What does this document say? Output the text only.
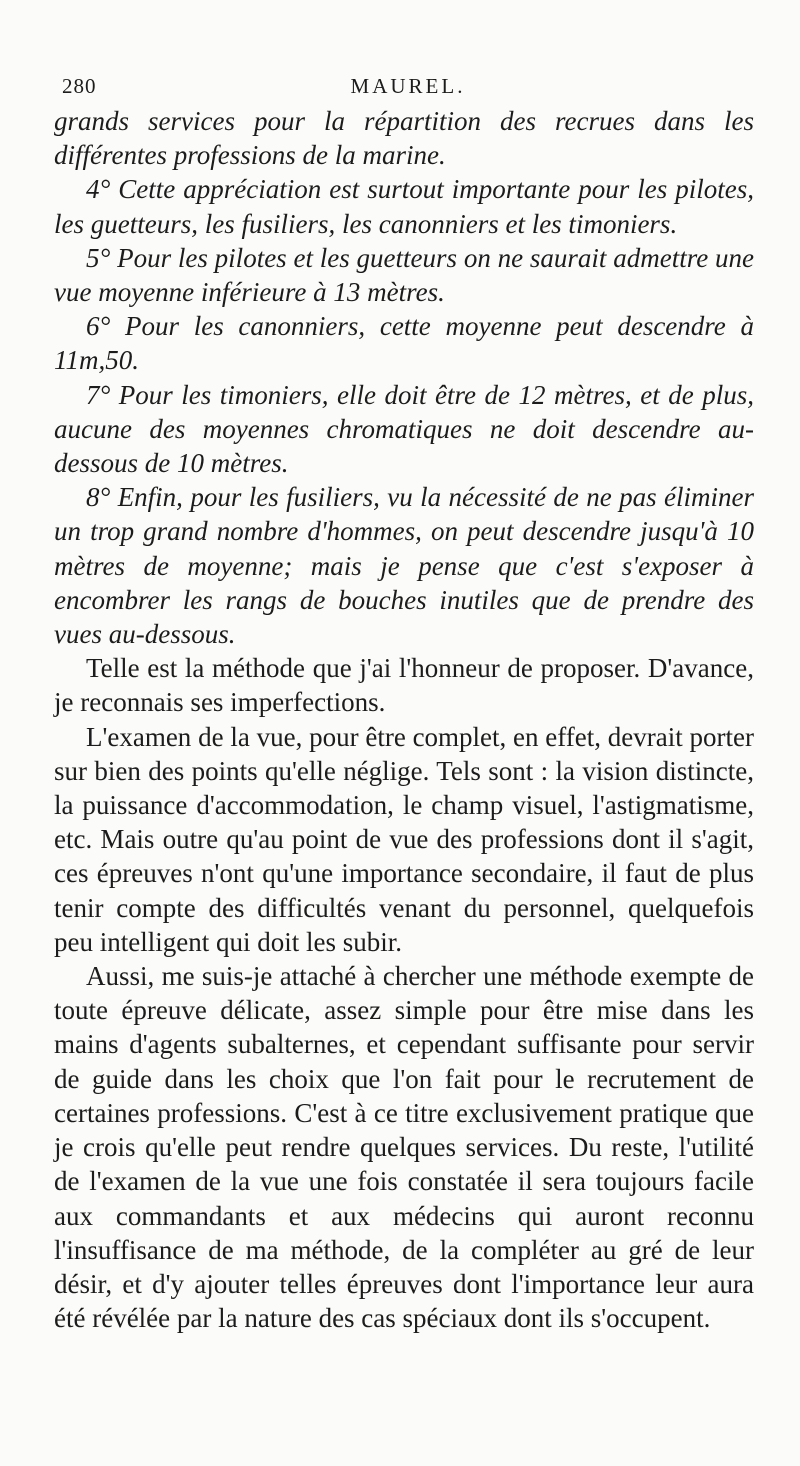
280	MAUREL.

grands services pour la répartition des recrues dans les différentes professions de la marine.

4° Cette appréciation est surtout importante pour les pilotes, les guetteurs, les fusiliers, les canonniers et les timoniers.

5° Pour les pilotes et les guetteurs on ne saurait admettre une vue moyenne inférieure à 13 mètres.

6° Pour les canonniers, cette moyenne peut descendre à 11m,50.

7° Pour les timoniers, elle doit être de 12 mètres, et de plus, aucune des moyennes chromatiques ne doit descendre au-dessous de 10 mètres.

8° Enfin, pour les fusiliers, vu la nécessité de ne pas éliminer un trop grand nombre d'hommes, on peut descendre jusqu'à 10 mètres de moyenne; mais je pense que c'est s'exposer à encombrer les rangs de bouches inutiles que de prendre des vues au-dessous.

Telle est la méthode que j'ai l'honneur de proposer. D'avance, je reconnais ses imperfections.

L'examen de la vue, pour être complet, en effet, devrait porter sur bien des points qu'elle néglige. Tels sont : la vision distincte, la puissance d'accommodation, le champ visuel, l'astigmatisme, etc. Mais outre qu'au point de vue des professions dont il s'agit, ces épreuves n'ont qu'une importance secondaire, il faut de plus tenir compte des difficultés venant du personnel, quelquefois peu intelligent qui doit les subir.

Aussi, me suis-je attaché à chercher une méthode exempte de toute épreuve délicate, assez simple pour être mise dans les mains d'agents subalternes, et cependant suffisante pour servir de guide dans les choix que l'on fait pour le recrutement de certaines professions. C'est à ce titre exclusivement pratique que je crois qu'elle peut rendre quelques services. Du reste, l'utilité de l'examen de la vue une fois constatée il sera toujours facile aux commandants et aux médecins qui auront reconnu l'insuffisance de ma méthode, de la compléter au gré de leur désir, et d'y ajouter telles épreuves dont l'importance leur aura été révélée par la nature des cas spéciaux dont ils s'occupent.
